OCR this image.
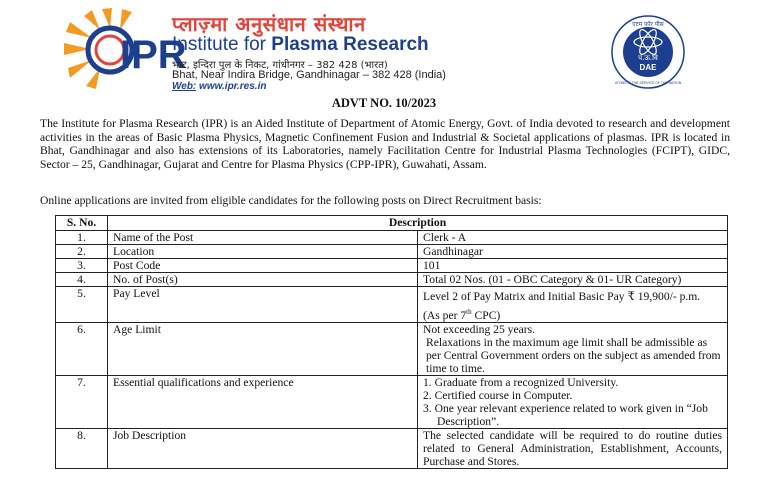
IPR
प्लाज़्मा अनुसंधान संस्थान
Institute for Plasma Research
भाट, इन्दिरा पुल के निकट, गांधीनगर – 382 428 (भारत)
Bhat, Near Indira Bridge, Gandhinagar – 382 428 (India)
Web: www.ipr.res.in
एटम फॉर पीस
प.ऊ.वि
DAE
ATOMS IN THE SERVICE OF THE NATION
ADVT NO. 10/2023
The Institute for Plasma Research (IPR) is an Aided Institute of Department of Atomic Energy, Govt. of India devoted to research and development activities in the areas of Basic Plasma Physics, Magnetic Confinement Fusion and Industrial & Societal applications of plasmas. IPR is located in Bhat, Gandhinagar and also has extensions of its Laboratories, namely Facilitation Centre for Industrial Plasma Technologies (FCIPT), GIDC, Sector – 25, Gandhinagar, Gujarat and Centre for Plasma Physics (CPP-IPR), Guwahati, Assam.
Online applications are invited from eligible candidates for the following posts on Direct Recruitment basis:
S. No.	Description	
1.	Name of the Post	Clerk - A
2.	Location	Gandhinagar
3.	Post Code	101
4.	No. of Post(s)	Total 02 Nos. (01 - OBC Category & 01- UR Category)
5.	Pay Level	Level 2 of Pay Matrix and Initial Basic Pay ₹ 19,900/- p.m.
(As per 7th CPC)

6.	Age Limit	Not exceeding 25 years.
Relaxations in the maximum age limit shall be admissible as per Central Government orders on the subject as amended from time to time.

7.	Essential qualifications and experience	1. Graduate from a recognized University.
2. Certified course in Computer.
3. One year relevant experience related to work given in “Job Description”.

8.	Job Description	The selected candidate will be required to do routine duties related to General Administration, Establishment, Accounts, Purchase and Stores.
